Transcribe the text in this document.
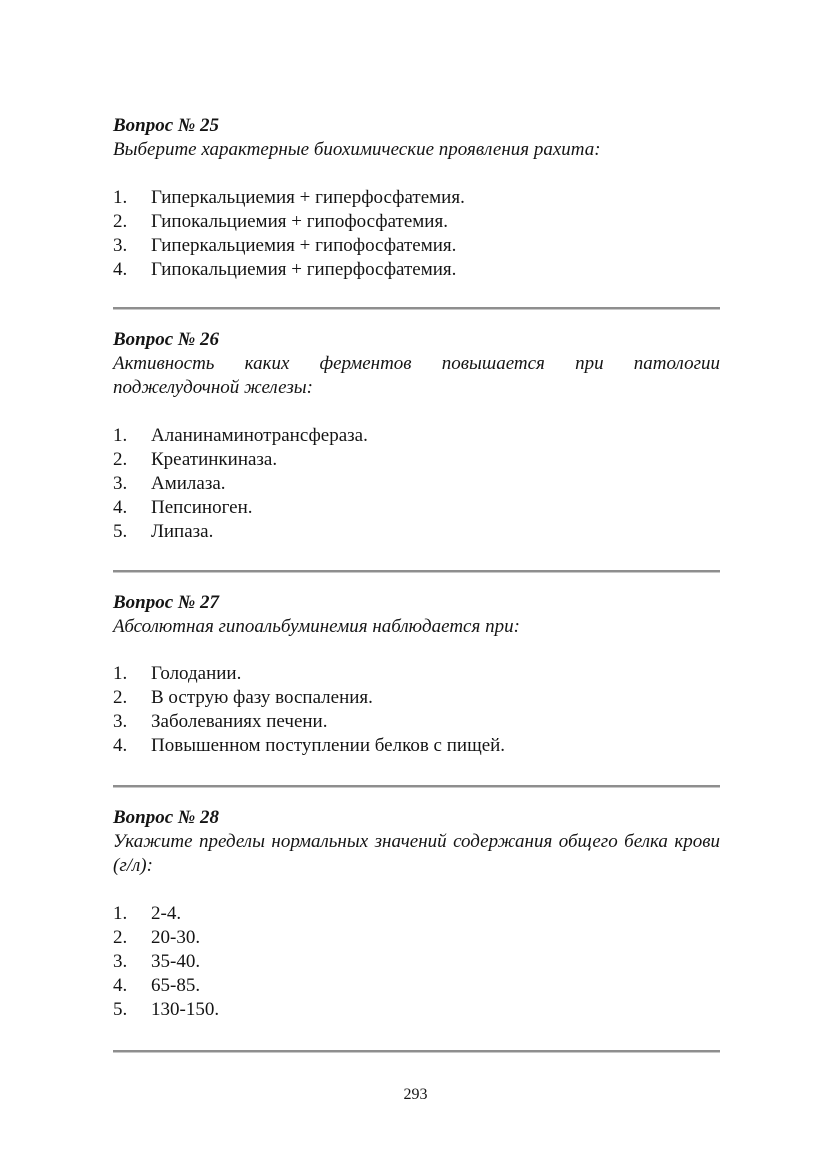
Вопрос № 25
Выберите характерные биохимические проявления рахита:
1. Гиперкальциемия + гиперфосфатемия.
2. Гипокальциемия + гипофосфатемия.
3. Гиперкальциемия + гипофосфатемия.
4. Гипокальциемия + гиперфосфатемия.
Вопрос № 26
Активность каких ферментов повышается при патологии поджелудочной железы:
1. Аланинаминотрансфераза.
2. Креатинкиназа.
3. Амилаза.
4. Пепсиноген.
5. Липаза.
Вопрос № 27
Абсолютная гипоальбуминемия наблюдается при:
1. Голодании.
2. В острую фазу воспаления.
3. Заболеваниях печени.
4. Повышенном поступлении белков с пищей.
Вопрос № 28
Укажите пределы нормальных значений содержания общего белка крови (г/л):
1. 2-4.
2. 20-30.
3. 35-40.
4. 65-85.
5. 130-150.
293
